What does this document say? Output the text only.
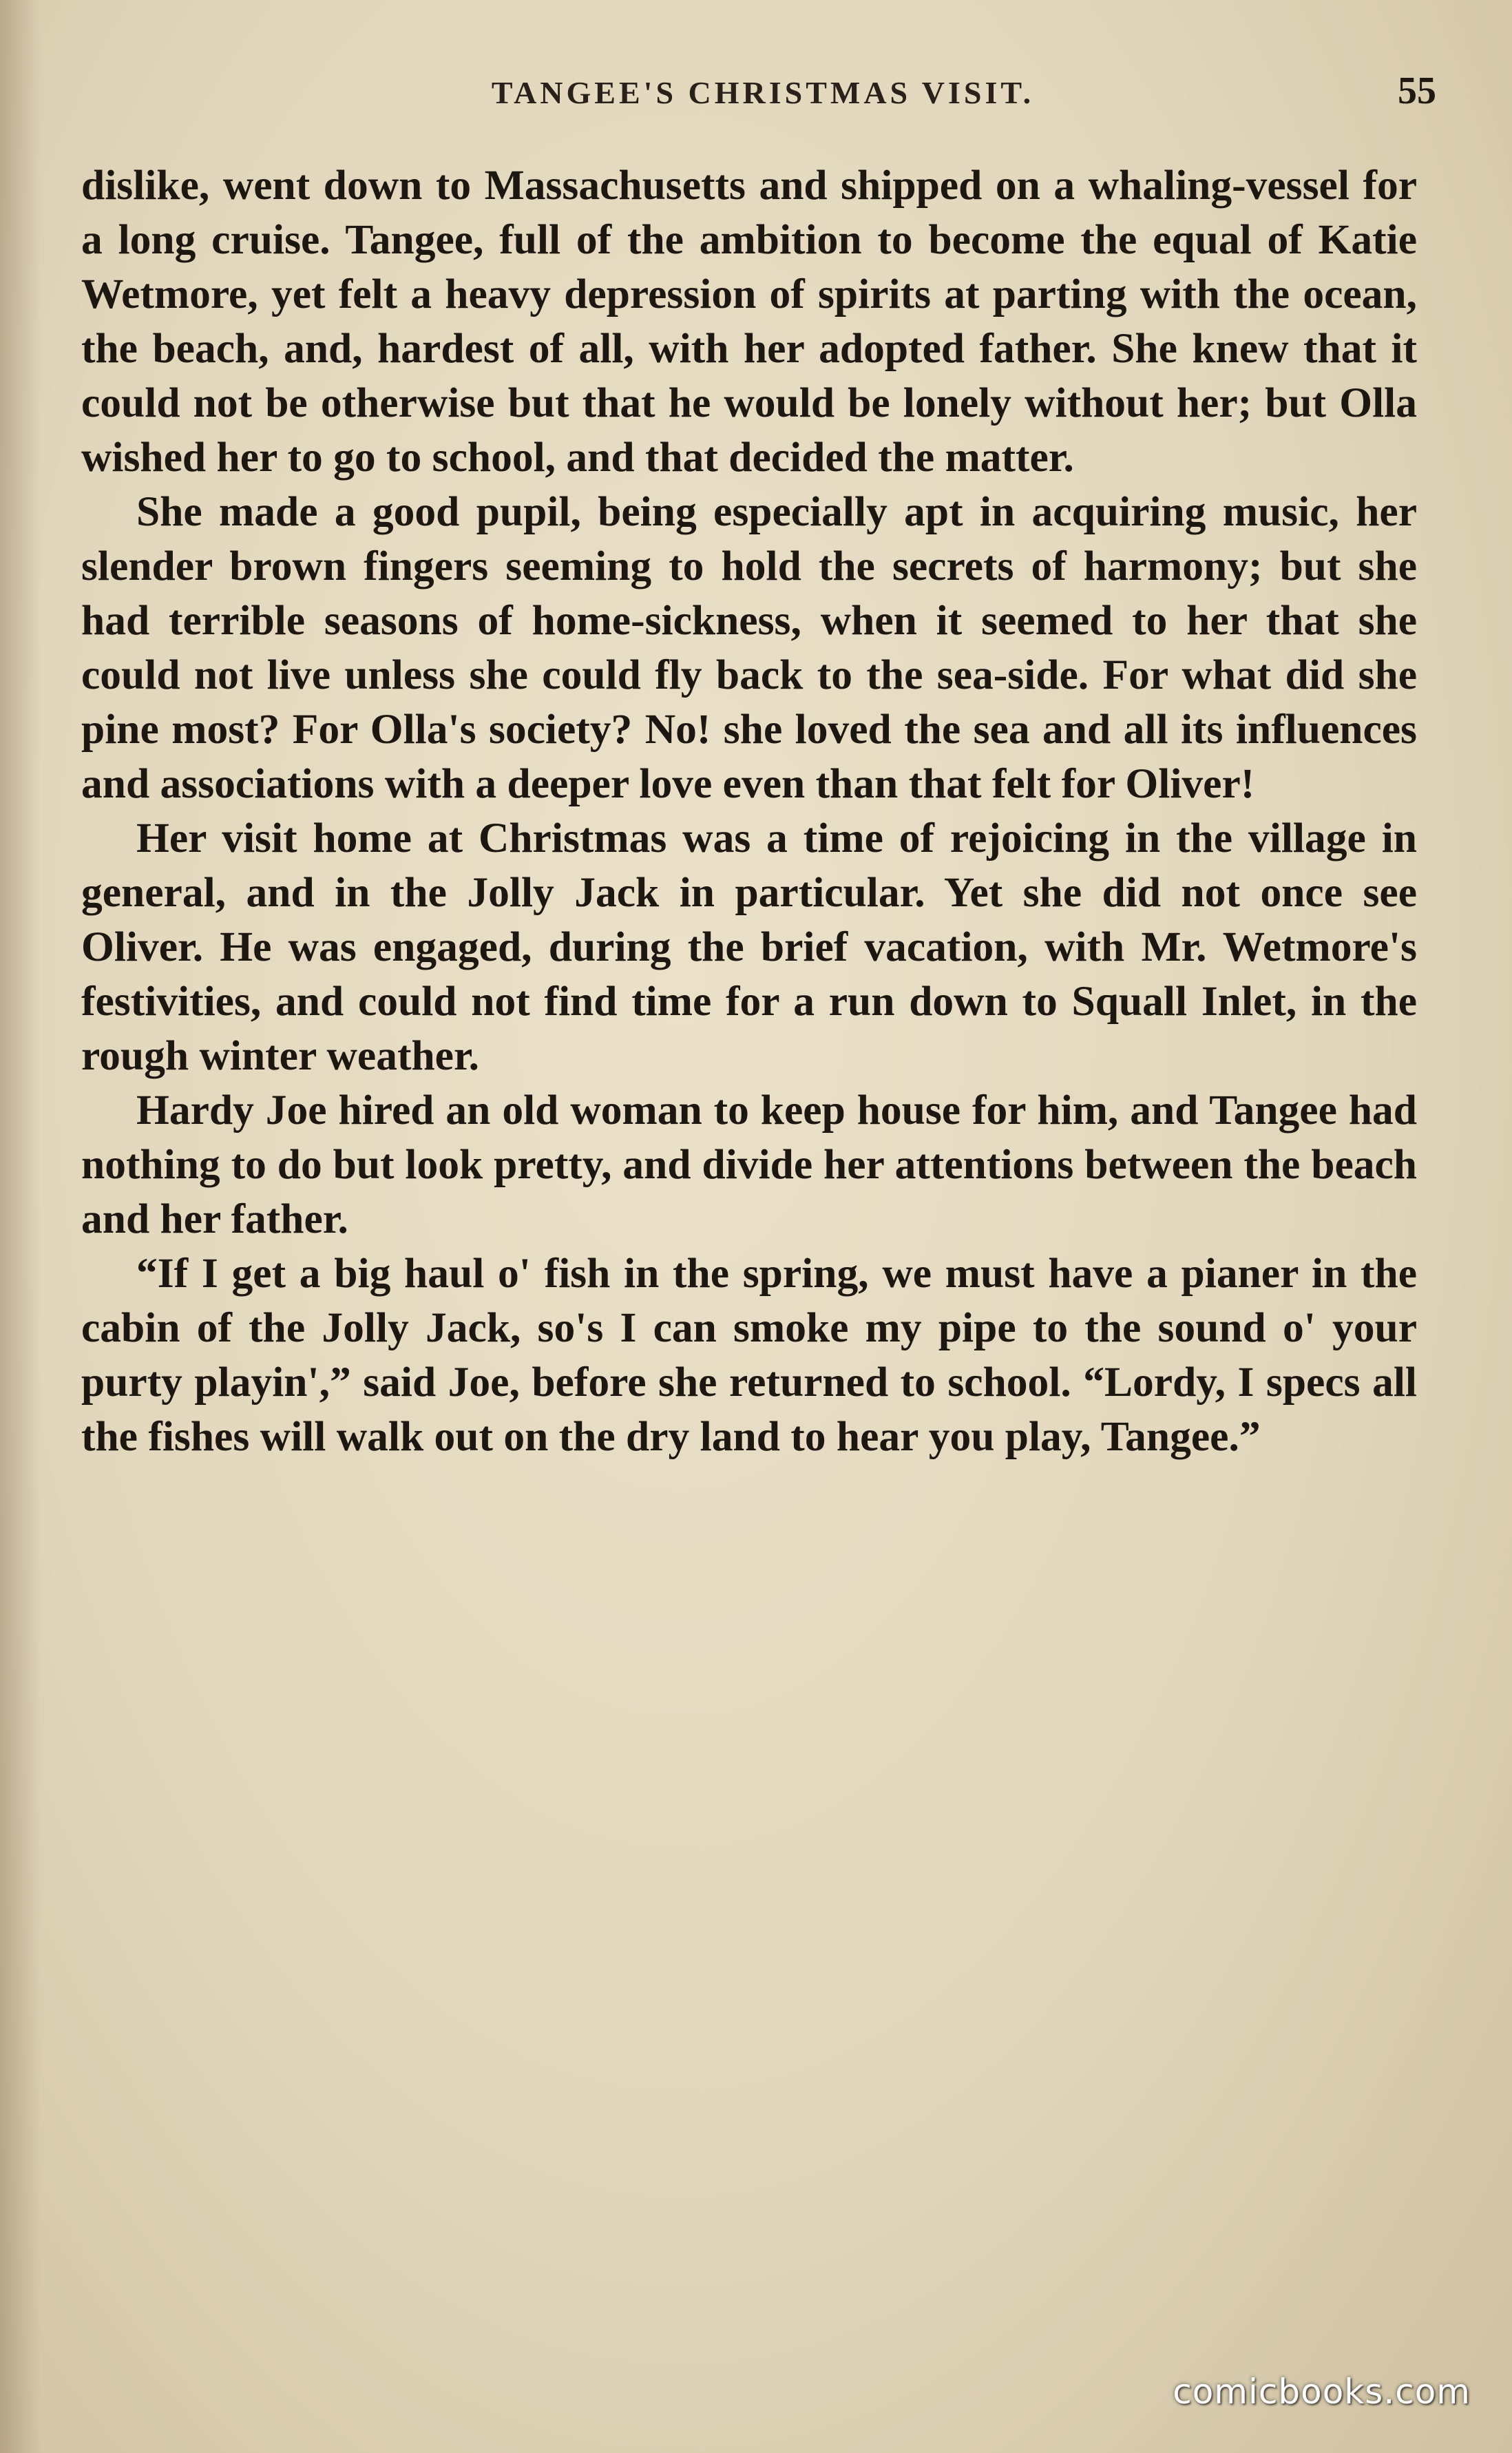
TANGEE'S CHRISTMAS VISIT.	55

dislike, went down to Massachusetts and shipped on a whaling-vessel for a long cruise. Tangee, full of the ambition to become the equal of Katie Wetmore, yet felt a heavy depression of spirits at parting with the ocean, the beach, and, hardest of all, with her adopted father. She knew that it could not be otherwise but that he would be lonely without her; but Olla wished her to go to school, and that decided the matter.

She made a good pupil, being especially apt in acquiring music, her slender brown fingers seeming to hold the secrets of harmony; but she had terrible seasons of home-sickness, when it seemed to her that she could not live unless she could fly back to the sea-side. For what did she pine most? For Olla's society? No! she loved the sea and all its influences and associations with a deeper love even than that felt for Oliver!

Her visit home at Christmas was a time of rejoicing in the village in general, and in the Jolly Jack in particular. Yet she did not once see Oliver. He was engaged, during the brief vacation, with Mr. Wetmore's festivities, and could not find time for a run down to Squall Inlet, in the rough winter weather.

Hardy Joe hired an old woman to keep house for him, and Tangee had nothing to do but look pretty, and divide her attentions between the beach and her father.

“If I get a big haul o' fish in the spring, we must have a pianer in the cabin of the Jolly Jack, so's I can smoke my pipe to the sound o' your purty playin',” said Joe, before she returned to school. “Lordy, I specs all the fishes will walk out on the dry land to hear you play, Tangee.”

comicbooks.com
